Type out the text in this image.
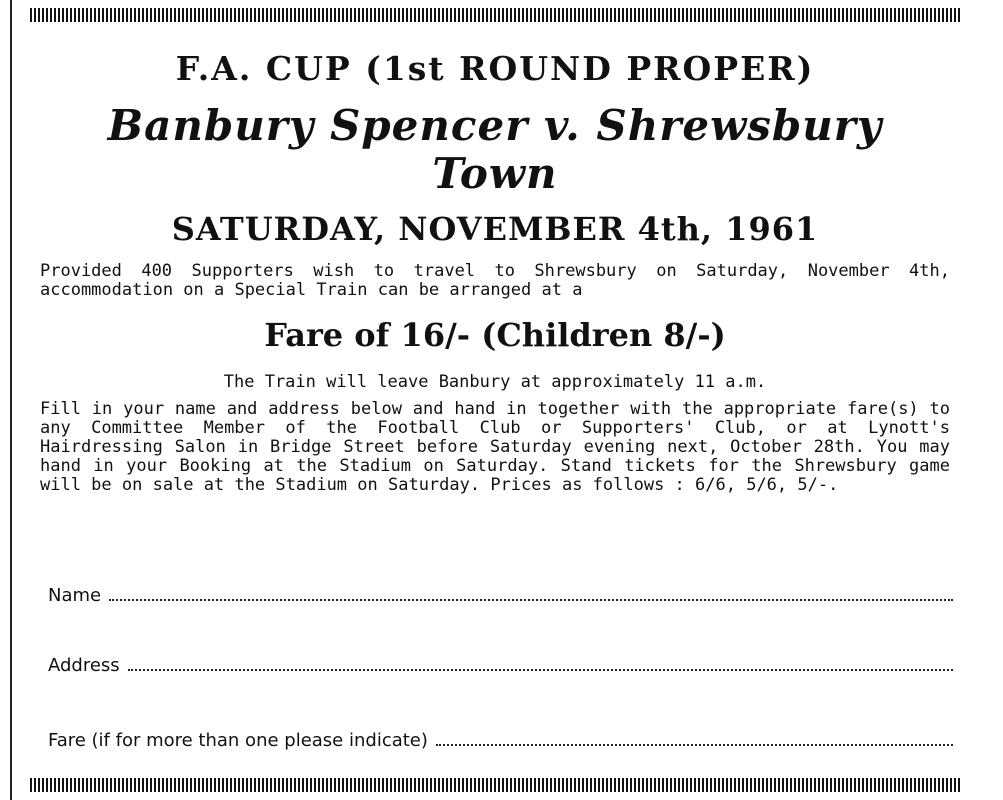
F.A. CUP (1st ROUND PROPER)
Banbury Spencer v. Shrewsbury Town
SATURDAY, NOVEMBER 4th, 1961

Provided 400 Supporters wish to travel to Shrewsbury on Saturday, November 4th, accommodation on a Special Train can be arranged at a

Fare of 16/- (Children 8/-)

The Train will leave Banbury at approximately 11 a.m.

Fill in your name and address below and hand in together with the appropriate fare(s) to any Committee Member of the Football Club or Supporters' Club, or at Lynott's Hairdressing Salon in Bridge Street before Saturday evening next, October 28th. You may hand in your Booking at the Stadium on Saturday. Stand tickets for the Shrewsbury game will be on sale at the Stadium on Saturday. Prices as follows : 6/6, 5/6, 5/-.

Name
Address
Fare (if for more than one please indicate)
